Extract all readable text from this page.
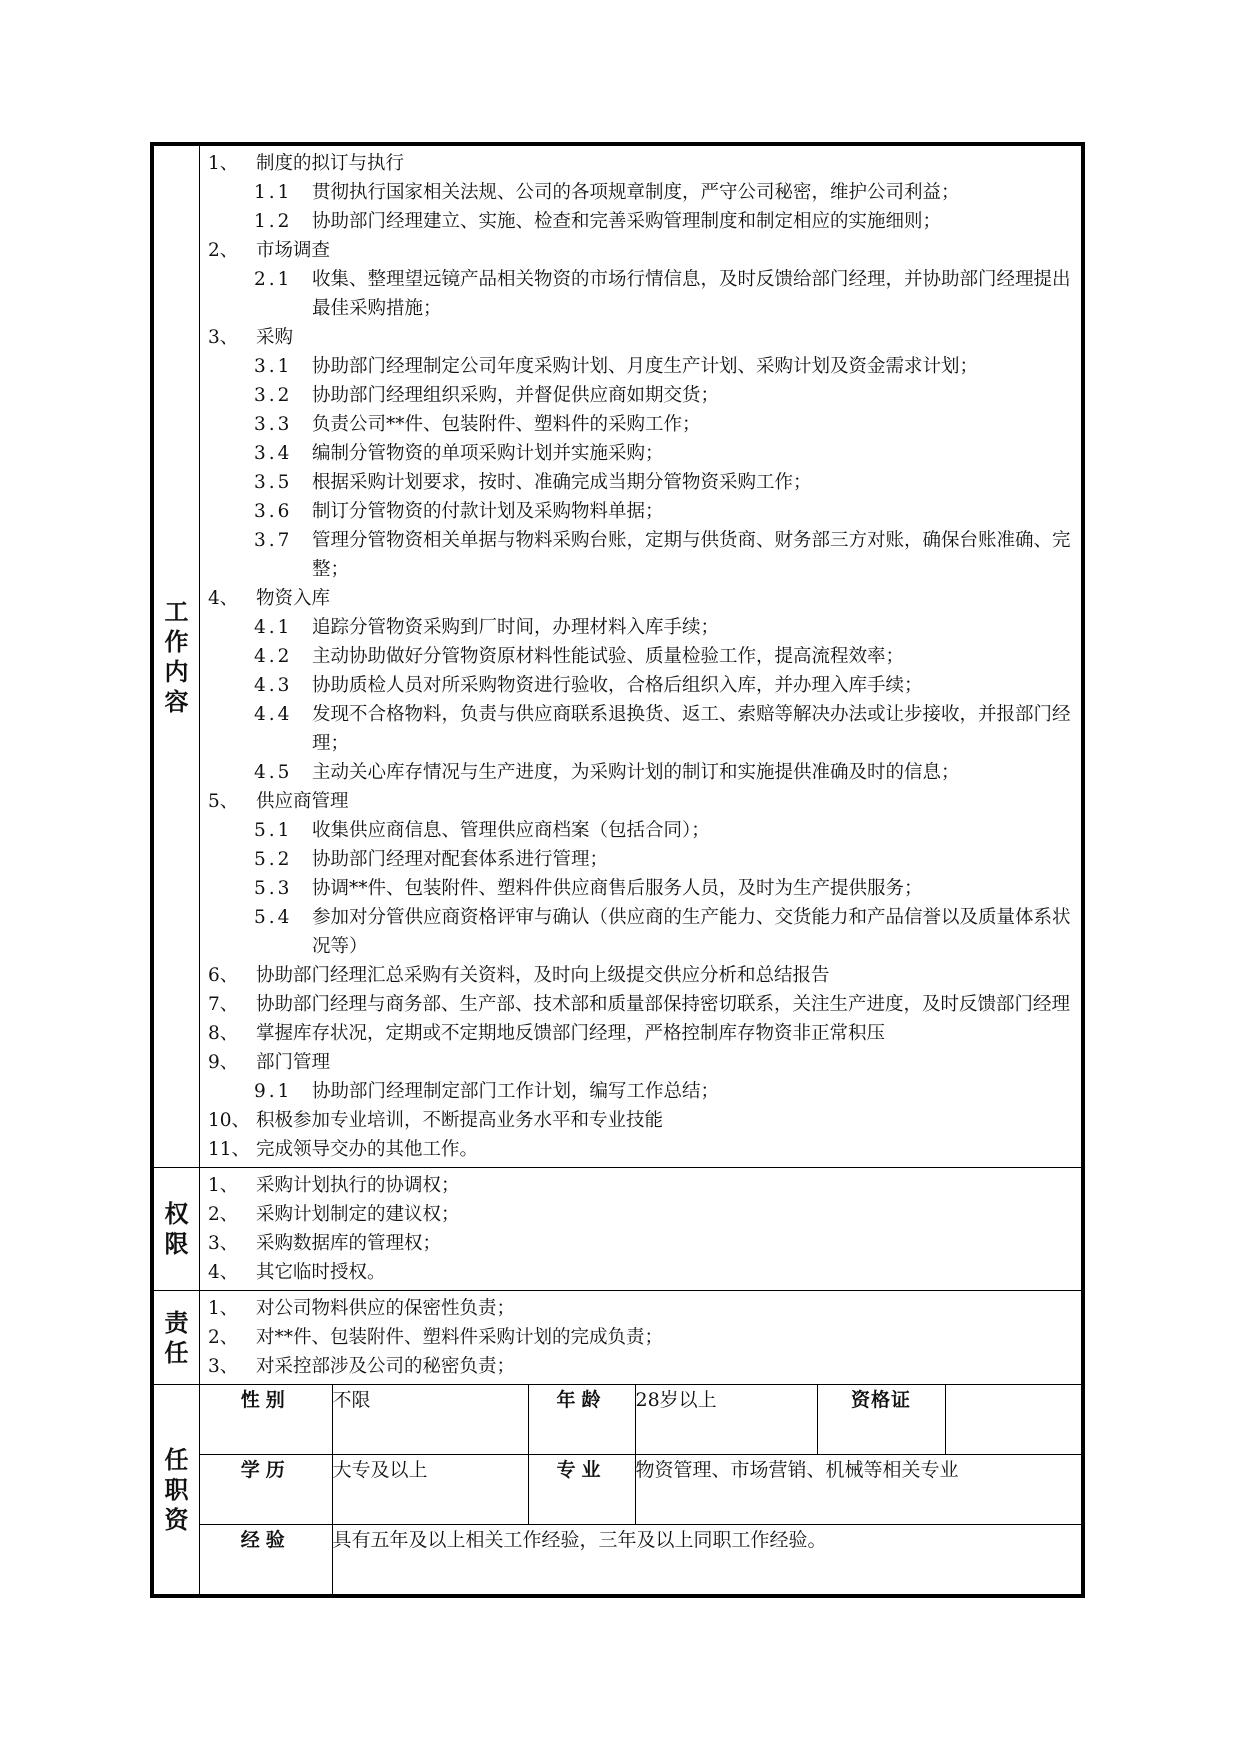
工
作
内
容

1、 制度的拟订与执行
1.1	贯彻执行国家相关法规、公司的各项规章制度，严守公司秘密，维护公司利益；
1.2	协助部门经理建立、实施、检查和完善采购管理制度和制定相应的实施细则；
2、 市场调查
2.1	收集、整理望远镜产品相关物资的市场行情信息，及时反馈给部门经理，并协助部门经理提出最佳采购措施；
3、 采购
3.1	协助部门经理制定公司年度采购计划、月度生产计划、采购计划及资金需求计划；
3.2	协助部门经理组织采购，并督促供应商如期交货；
3.3	负责公司**件、包装附件、塑料件的采购工作；
3.4	编制分管物资的单项采购计划并实施采购；
3.5	根据采购计划要求，按时、准确完成当期分管物资采购工作；
3.6	制订分管物资的付款计划及采购物料单据；
3.7	管理分管物资相关单据与物料采购台账，定期与供货商、财务部三方对账，确保台账准确、完整；
4、 物资入库
4.1	追踪分管物资采购到厂时间，办理材料入库手续；
4.2	主动协助做好分管物资原材料性能试验、质量检验工作，提高流程效率；
4.3	协助质检人员对所采购物资进行验收，合格后组织入库，并办理入库手续；
4.4	发现不合格物料，负责与供应商联系退换货、返工、索赔等解决办法或让步接收，并报部门经理；
4.5	主动关心库存情况与生产进度，为采购计划的制订和实施提供准确及时的信息；
5、 供应商管理
5.1	收集供应商信息、管理供应商档案（包括合同）；
5.2	协助部门经理对配套体系进行管理；
5.3	协调**件、包装附件、塑料件供应商售后服务人员，及时为生产提供服务；
5.4	参加对分管供应商资格评审与确认（供应商的生产能力、交货能力和产品信誉以及质量体系状况等）
6、 协助部门经理汇总采购有关资料，及时向上级提交供应分析和总结报告
7、 协助部门经理与商务部、生产部、技术部和质量部保持密切联系，关注生产进度，及时反馈部门经理
8、 掌握库存状况，定期或不定期地反馈部门经理，严格控制库存物资非正常积压
9、 部门管理
9.1	协助部门经理制定部门工作计划，编写工作总结；
10、 积极参加专业培训，不断提高业务水平和专业技能
11、 完成领导交办的其他工作。

权
限

1、 采购计划执行的协调权；
2、 采购计划制定的建议权；
3、 采购数据库的管理权；
4、 其它临时授权。

责
任

1、 对公司物料供应的保密性负责；
2、 对**件、包装附件、塑料件采购计划的完成负责；
3、 对采控部涉及公司的秘密负责；

任
职
资

性别	不限	年龄	28岁以上	资格证	
学历	大专及以上	专业	物资管理、市场营销、机械等相关专业
经验	具有五年及以上相关工作经验，三年及以上同职工作经验。
